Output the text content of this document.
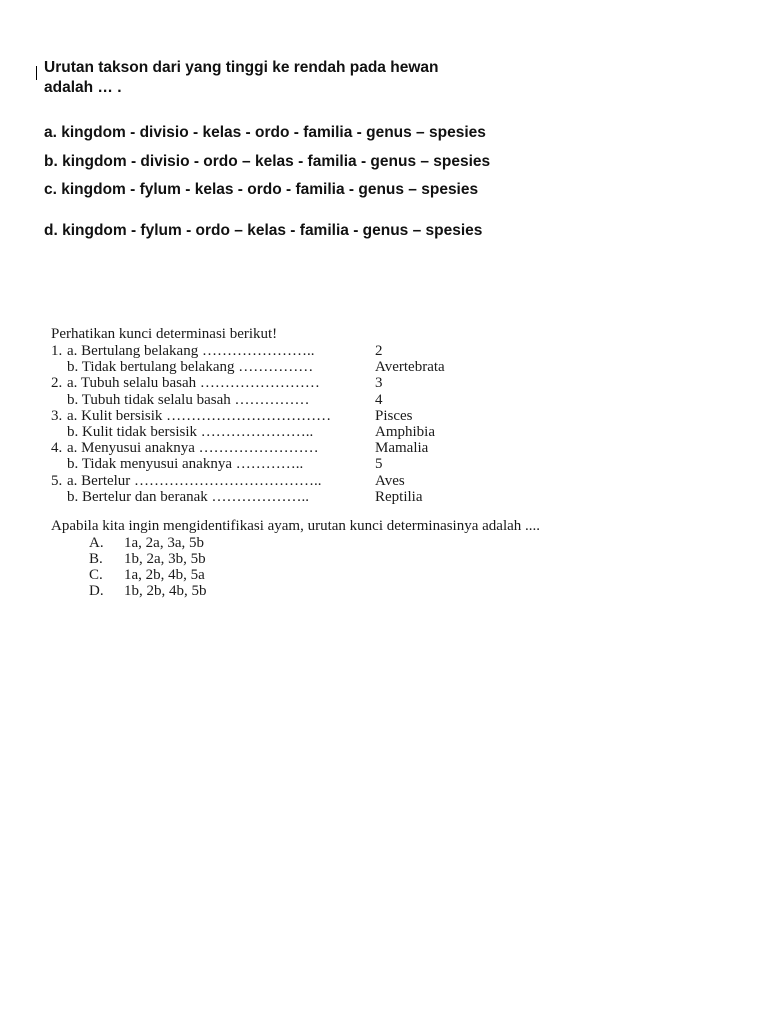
Urutan takson dari yang tinggi ke rendah pada hewan
adalah … .
a. kingdom - divisio - kelas - ordo - familia - genus – spesies
b. kingdom - divisio - ordo – kelas - familia - genus – spesies
c. kingdom - fylum - kelas - ordo - familia - genus – spesies
d. kingdom - fylum - ordo – kelas - familia - genus – spesies
Perhatikan kunci determinasi berikut!
1. a. Bertulang belakang …………………..	2
b. Tidak bertulang belakang ……………	Avertebrata
2. a. Tubuh selalu basah ……………………	3
b. Tubuh tidak selalu basah ……………	4
3. a. Kulit bersisik ……………………………	Pisces
b. Kulit tidak bersisik …………………..	Amphibia
4. a. Menyusui anaknya ……………………	Mamalia
b. Tidak menyusui anaknya …………..	5
5. a. Bertelur ………………………………..	Aves
b. Bertelur dan beranak ………………..	Reptilia
Apabila kita ingin mengidentifikasi ayam, urutan kunci determinasinya adalah ....
A. 1a, 2a, 3a, 5b
B. 1b, 2a, 3b, 5b
C. 1a, 2b, 4b, 5a
D. 1b, 2b, 4b, 5b
